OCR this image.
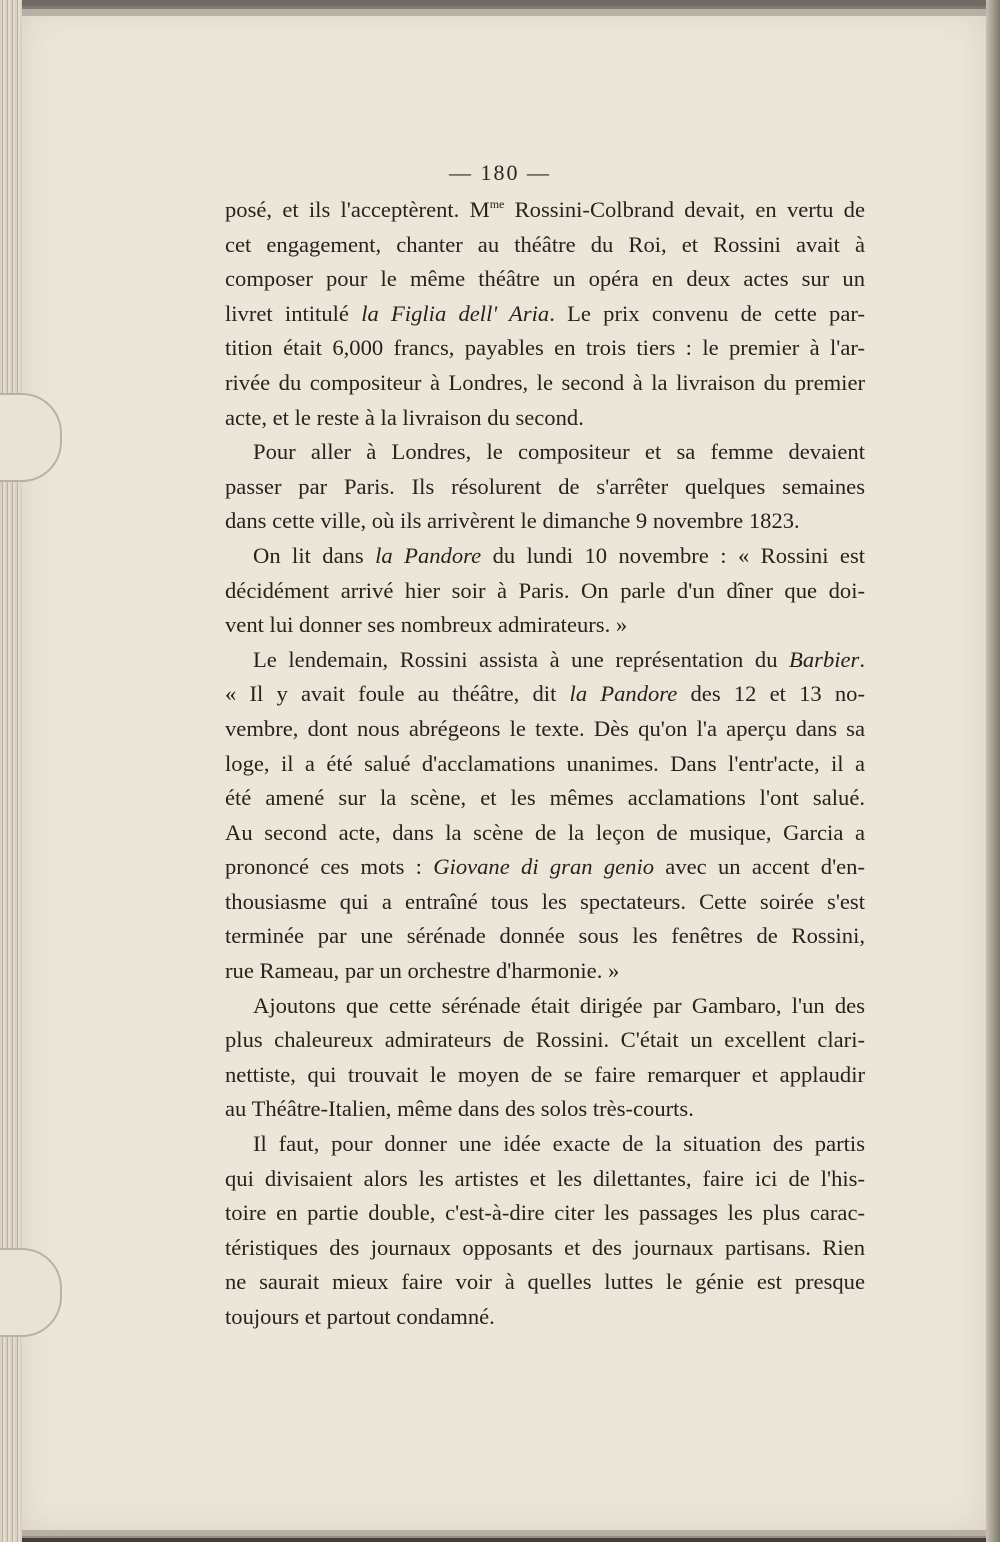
— 180 —
posé, et ils l'acceptèrent. $M^{me}$ Rossini-Colbrand devait, en vertu de
cet engagement, chanter au théâtre du Roi, et Rossini avait à
composer pour le même théâtre un opéra en deux actes sur un
livret intitulé la Figlia dell' Aria. Le prix convenu de cette par-
tition était 6,000 francs, payables en trois tiers : le premier à l'ar-
rivée du compositeur à Londres, le second à la livraison du premier
acte, et le reste à la livraison du second.
Pour aller à Londres, le compositeur et sa femme devaient
passer par Paris. Ils résolurent de s'arrêter quelques semaines
dans cette ville, où ils arrivèrent le dimanche 9 novembre 1823.
On lit dans la Pandore du lundi 10 novembre : « Rossini est
décidément arrivé hier soir à Paris. On parle d'un dîner que doi-
vent lui donner ses nombreux admirateurs. »
Le lendemain, Rossini assista à une représentation du Barbier.
« Il y avait foule au théâtre, dit la Pandore des 12 et 13 no-
vembre, dont nous abrégeons le texte. Dès qu'on l'a aperçu dans sa
loge, il a été salué d'acclamations unanimes. Dans l'entr'acte, il a
été amené sur la scène, et les mêmes acclamations l'ont salué.
Au second acte, dans la scène de la leçon de musique, Garcia a
prononcé ces mots : Giovane di gran genio avec un accent d'en-
thousiasme qui a entraîné tous les spectateurs. Cette soirée s'est
terminée par une sérénade donnée sous les fenêtres de Rossini,
rue Rameau, par un orchestre d'harmonie. »
Ajoutons que cette sérénade était dirigée par Gambaro, l'un des
plus chaleureux admirateurs de Rossini. C'était un excellent clari-
nettiste, qui trouvait le moyen de se faire remarquer et applaudir
au Théâtre-Italien, même dans des solos très-courts.
Il faut, pour donner une idée exacte de la situation des partis
qui divisaient alors les artistes et les dilettantes, faire ici de l'his-
toire en partie double, c'est-à-dire citer les passages les plus carac-
téristiques des journaux opposants et des journaux partisans. Rien
ne saurait mieux faire voir à quelles luttes le génie est presque
toujours et partout condamné.
